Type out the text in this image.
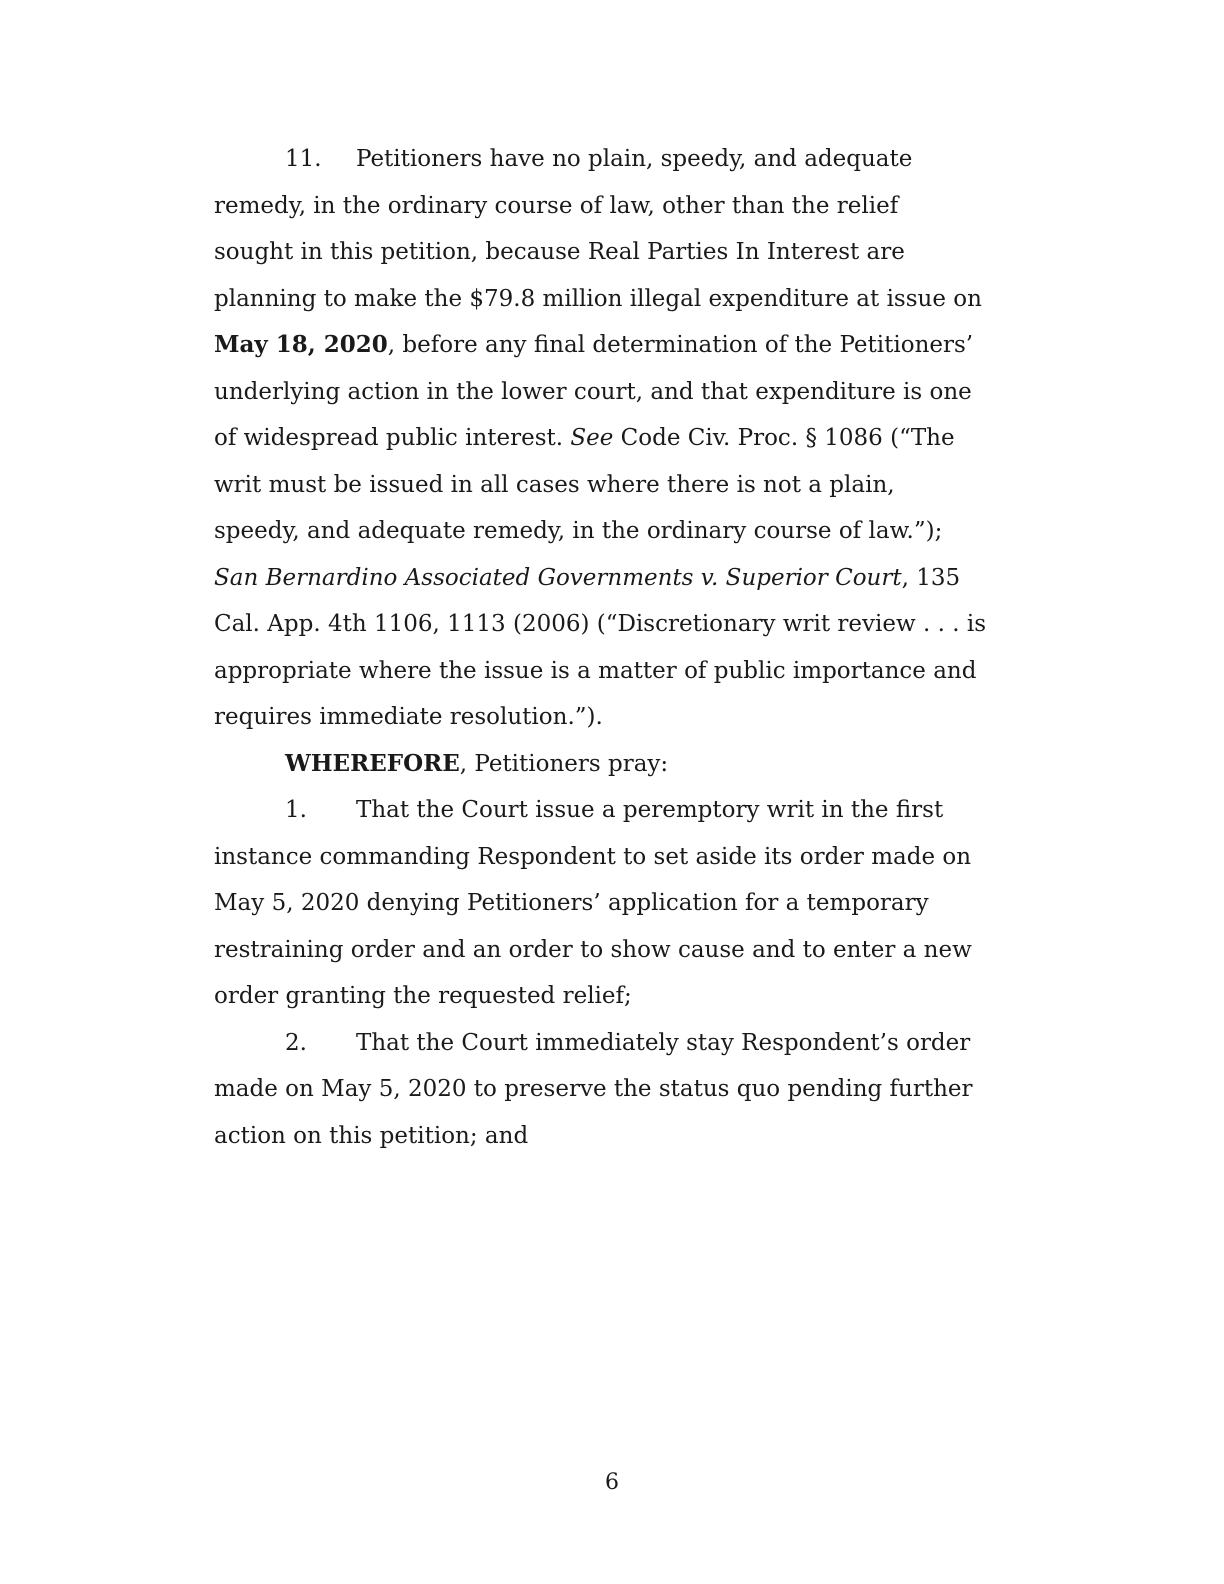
11. Petitioners have no plain, speedy, and adequate

remedy, in the ordinary course of law, other than the relief

sought in this petition, because Real Parties In Interest are

planning to make the $79.8 million illegal expenditure at issue on

May 18, 2020, before any final determination of the Petitioners’

underlying action in the lower court, and that expenditure is one

of widespread public interest. See Code Civ. Proc. § 1086 (“The

writ must be issued in all cases where there is not a plain,

speedy, and adequate remedy, in the ordinary course of law.”);

San Bernardino Associated Governments v. Superior Court, 135

Cal. App. 4th 1106, 1113 (2006) (“Discretionary writ review . . . is

appropriate where the issue is a matter of public importance and

requires immediate resolution.”).

WHEREFORE, Petitioners pray:

1. That the Court issue a peremptory writ in the first

instance commanding Respondent to set aside its order made on

May 5, 2020 denying Petitioners’ application for a temporary

restraining order and an order to show cause and to enter a new

order granting the requested relief;

2. That the Court immediately stay Respondent’s order

made on May 5, 2020 to preserve the status quo pending further

action on this petition; and

6
